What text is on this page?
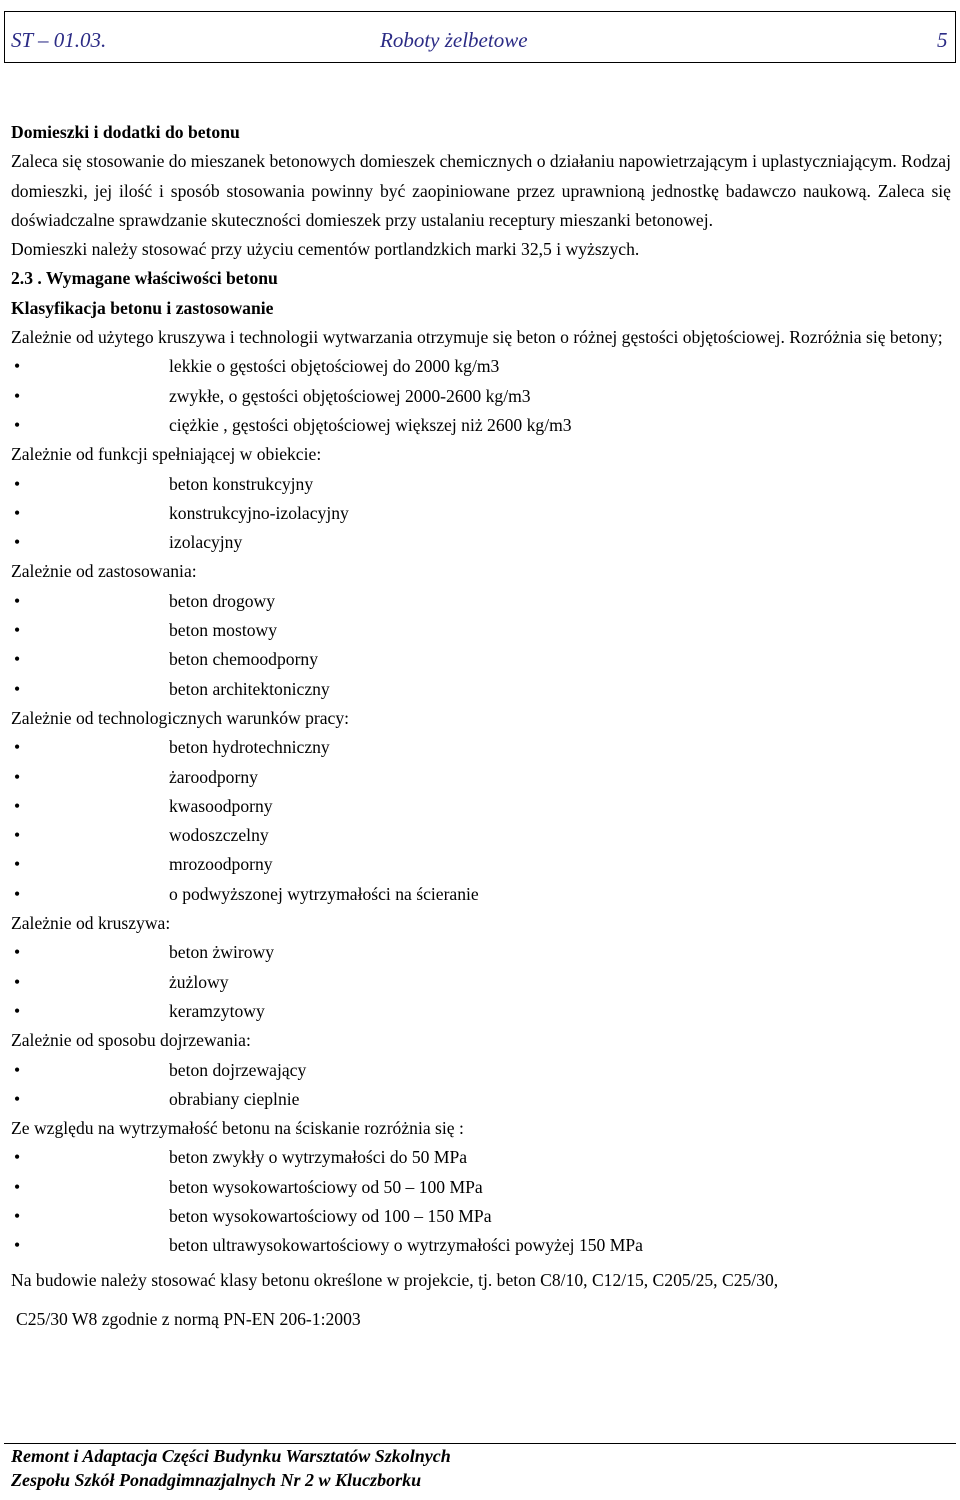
ST – 01.03.	Roboty żelbetowe	5

Domieszki i dodatki do betonu

Zaleca się stosowanie do mieszanek betonowych domieszek chemicznych o działaniu napowietrzającym i uplastyczniającym. Rodzaj domieszki, jej ilość i sposób stosowania powinny być zaopiniowane przez uprawnioną jednostkę badawczo naukową. Zaleca się doświadczalne sprawdzanie skuteczności domieszek przy ustalaniu receptury mieszanki betonowej.

Domieszki należy stosować przy użyciu cementów portlandzkich marki 32,5 i wyższych.

2.3 . Wymagane właściwości betonu

Klasyfikacja betonu i zastosowanie

Zależnie od użytego kruszywa i technologii wytwarzania otrzymuje się beton o różnej gęstości objętościowej. Rozróżnia się betony;

•	lekkie o gęstości objętościowej do 2000 kg/m3
•	zwykłe, o gęstości objętościowej 2000-2600 kg/m3
•	ciężkie , gęstości objętościowej większej niż 2600 kg/m3

Zależnie od funkcji spełniającej w obiekcie:

•	beton konstrukcyjny
•	konstrukcyjno-izolacyjny
•	izolacyjny

Zależnie od zastosowania:

•	beton drogowy
•	beton mostowy
•	beton chemoodporny
•	beton architektoniczny

Zależnie od technologicznych warunków pracy:

•	beton hydrotechniczny
•	żaroodporny
•	kwasoodporny
•	wodoszczelny
•	mrozoodporny
•	o podwyższonej wytrzymałości na ścieranie

Zależnie od kruszywa:

•	beton żwirowy
•	żużlowy
•	keramzytowy

Zależnie od sposobu dojrzewania:

•	beton dojrzewający
•	obrabiany cieplnie

Ze względu na wytrzymałość betonu na ściskanie rozróżnia się :

•	beton zwykły o wytrzymałości do 50 MPa
•	beton wysokowartościowy od 50 – 100 MPa
•	beton wysokowartościowy od 100 – 150 MPa
•	beton ultrawysokowartościowy o wytrzymałości powyżej 150 MPa

Na budowie należy stosować klasy betonu określone w projekcie, tj. beton C8/10, C12/15, C205/25, C25/30,

C25/30 W8 zgodnie z normą PN-EN 206-1:2003

Remont i Adaptacja Części Budynku Warsztatów Szkolnych

Zespołu Szkół Ponadgimnazjalnych Nr 2 w Kluczborku
